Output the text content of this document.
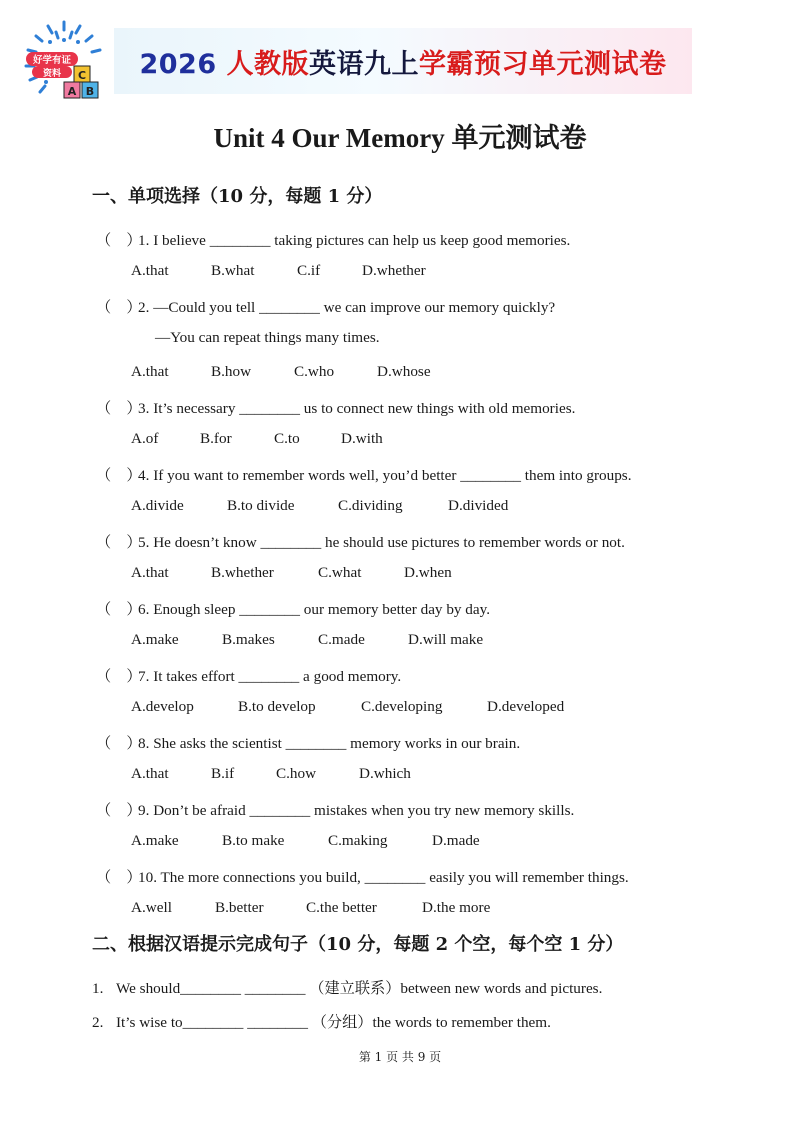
好学有证
资料 C
B
A
2026 人教版英语九上学霸预习单元测试卷
Unit 4 Our Memory 单元测试卷
一、单项选择（10 分，每题 1 分）
（　）1. I believe ________ taking pictures can help us keep good memories.
A.that	B.what	C.if	D.whether
（　）2. —Could you tell ________ we can improve our memory quickly?
—You can repeat things many times.
A.that	B.how	C.who	D.whose
（　）3. It’s necessary ________ us to connect new things with old memories.
A.of	B.for	C.to	D.with
（　）4. If you want to remember words well, you’d better ________ them into groups.
A.divide	B.to divide	C.dividing	D.divided
（　）5. He doesn’t know ________ he should use pictures to remember words or not.
A.that	B.whether	C.what	D.when
（　）6. Enough sleep ________ our memory better day by day.
A.make	B.makes	C.made	D.will make
（　）7. It takes effort ________ a good memory.
A.develop	B.to develop	C.developing	D.developed
（　）8. She asks the scientist ________ memory works in our brain.
A.that	B.if	C.how	D.which
（　）9. Don’t be afraid ________ mistakes when you try new memory skills.
A.make	B.to make	C.making	D.made
（　）10. The more connections you build, ________ easily you will remember things.
A.well	B.better	C.the better	D.the more
二、根据汉语提示完成句子（10 分，每题 2 个空，每个空 1 分）
1. We should________ ________ （建立联系）between new words and pictures.
2. It’s wise to________ ________ （分组）the words to remember them.
第 1 页 共 9 页
